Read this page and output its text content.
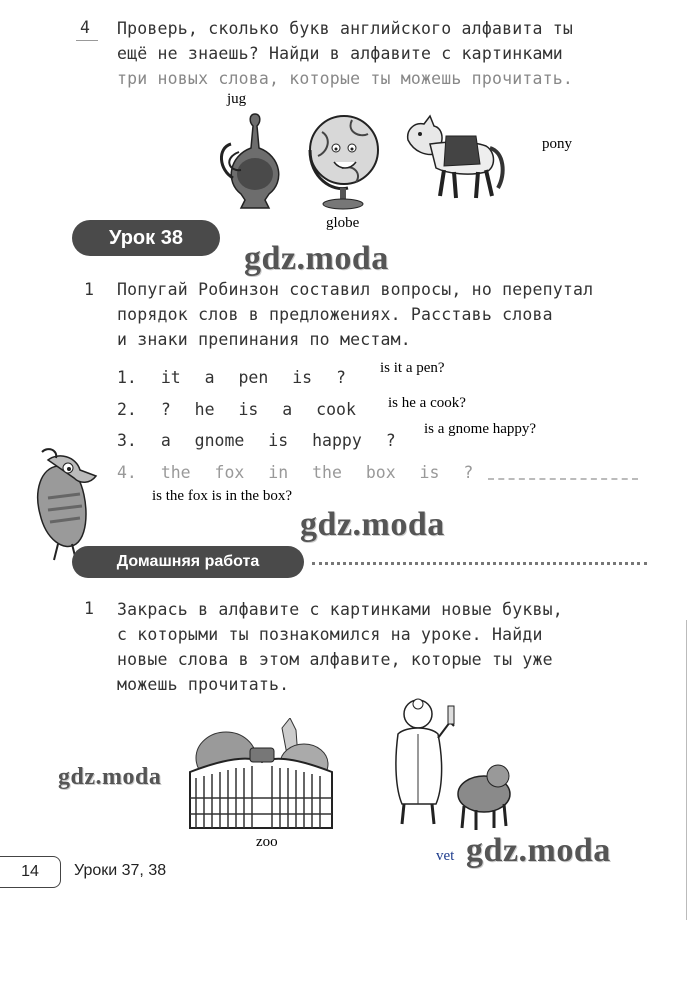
4 Проверь, сколько букв английского алфавита ты
ещё не знаешь? Найди в алфавите с картинками
три новых слова, которые ты можешь прочитать.
jug
pony
globe
Урок 38
gdz.moda
1 Попугай Робинзон составил вопросы, но перепутал
порядок слов в предложениях. Расставь слова
и знаки препинания по местам.
1. it a pen is ? is it a pen?
2. ? he is a cook is he a cook?
3. a gnome is happy ?
is a gnome happy?
4. the fox in the box is ?
is the fox is in the box?
gdz.moda
Домашняя работа
1 Закрась в алфавите с картинками новые буквы,
с которыми ты познакомился на уроке. Найди
новые слова в этом алфавите, которые ты уже
можешь прочитать.
gdz.moda
zoo
vet gdz.moda
14 Уроки 37, 38
